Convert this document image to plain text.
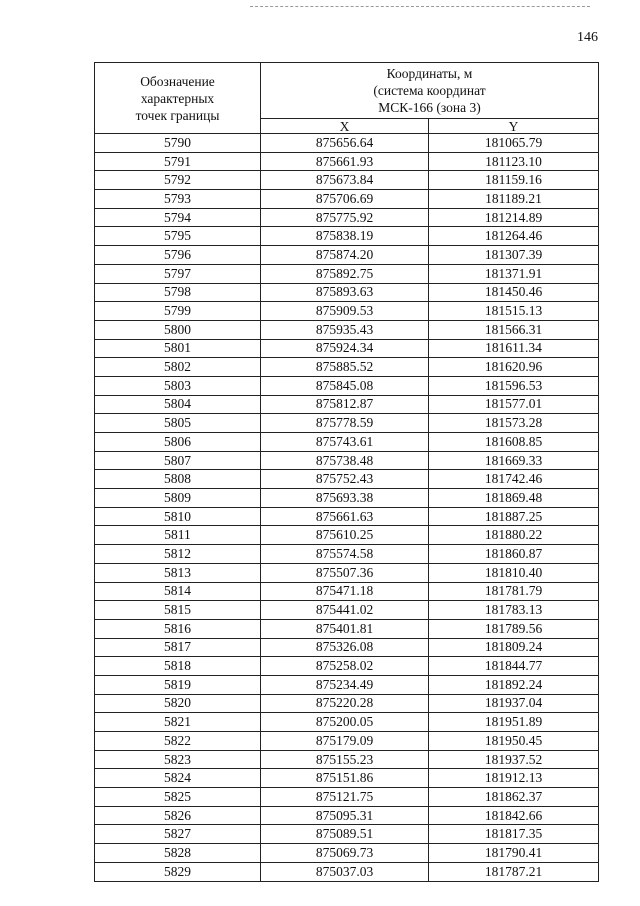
146
Обозначение
характерных
точек границы	Координаты, м
(система координат
МСК-166 (зона 3)	

	X	Y
5790	875656.64	181065.79
5791	875661.93	181123.10
5792	875673.84	181159.16
5793	875706.69	181189.21
5794	875775.92	181214.89
5795	875838.19	181264.46
5796	875874.20	181307.39
5797	875892.75	181371.91
5798	875893.63	181450.46
5799	875909.53	181515.13
5800	875935.43	181566.31
5801	875924.34	181611.34
5802	875885.52	181620.96
5803	875845.08	181596.53
5804	875812.87	181577.01
5805	875778.59	181573.28
5806	875743.61	181608.85
5807	875738.48	181669.33
5808	875752.43	181742.46
5809	875693.38	181869.48
5810	875661.63	181887.25
5811	875610.25	181880.22
5812	875574.58	181860.87
5813	875507.36	181810.40
5814	875471.18	181781.79
5815	875441.02	181783.13
5816	875401.81	181789.56
5817	875326.08	181809.24
5818	875258.02	181844.77
5819	875234.49	181892.24
5820	875220.28	181937.04
5821	875200.05	181951.89
5822	875179.09	181950.45
5823	875155.23	181937.52
5824	875151.86	181912.13
5825	875121.75	181862.37
5826	875095.31	181842.66
5827	875089.51	181817.35
5828	875069.73	181790.41
5829	875037.03	181787.21
